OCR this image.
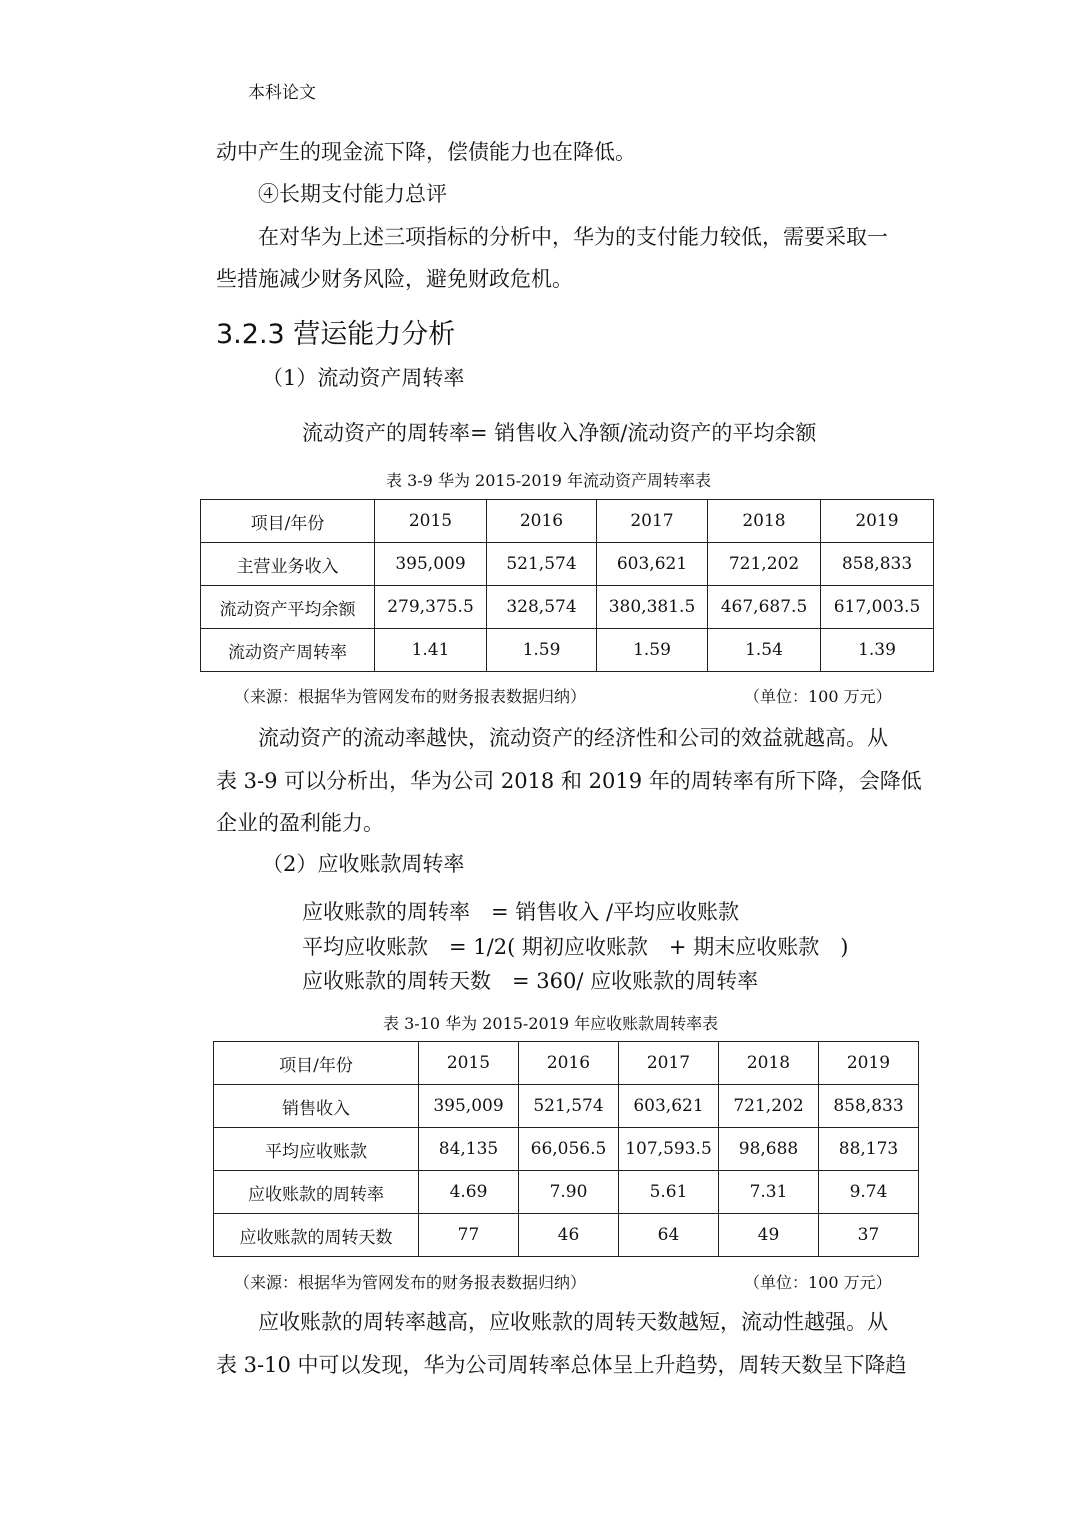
本科论文
动中产生的现金流下降，偿债能力也在降低。
④长期支付能力总评
在对华为上述三项指标的分析中，华为的支付能力较低，需要采取一
些措施减少财务风险，避免财政危机。
3.2.3 营运能力分析
（1）流动资产周转率
流动资产的周转率= 销售收入净额/流动资产的平均余额
表 3-9 华为 2015-2019 年流动资产周转率表
项目/年份	2015	2016	2017	2018	2019
主营业务收入	395,009	521,574	603,621	721,202	858,833
流动资产平均余额	279,375.5	328,574	380,381.5	467,687.5	617,003.5
流动资产周转率	1.41	1.59	1.59	1.54	1.39
（来源：根据华为管网发布的财务报表数据归纳）	（单位：100 万元）
流动资产的流动率越快，流动资产的经济性和公司的效益就越高。从
表 3-9 可以分析出，华为公司 2018 和 2019 年的周转率有所下降，会降低
企业的盈利能力。
（2）应收账款周转率
应收账款的周转率　= 销售收入 /平均应收账款
平均应收账款　= 1/2( 期初应收账款　+ 期末应收账款　)
应收账款的周转天数　= 360/ 应收账款的周转率
表 3-10 华为 2015-2019 年应收账款周转率表
项目/年份	2015	2016	2017	2018	2019
销售收入	395,009	521,574	603,621	721,202	858,833
平均应收账款	84,135	66,056.5	107,593.5	98,688	88,173
应收账款的周转率	4.69	7.90	5.61	7.31	9.74
应收账款的周转天数	77	46	64	49	37
（来源：根据华为管网发布的财务报表数据归纳）	（单位：100 万元）
应收账款的周转率越高，应收账款的周转天数越短，流动性越强。从
表 3-10 中可以发现，华为公司周转率总体呈上升趋势，周转天数呈下降趋
